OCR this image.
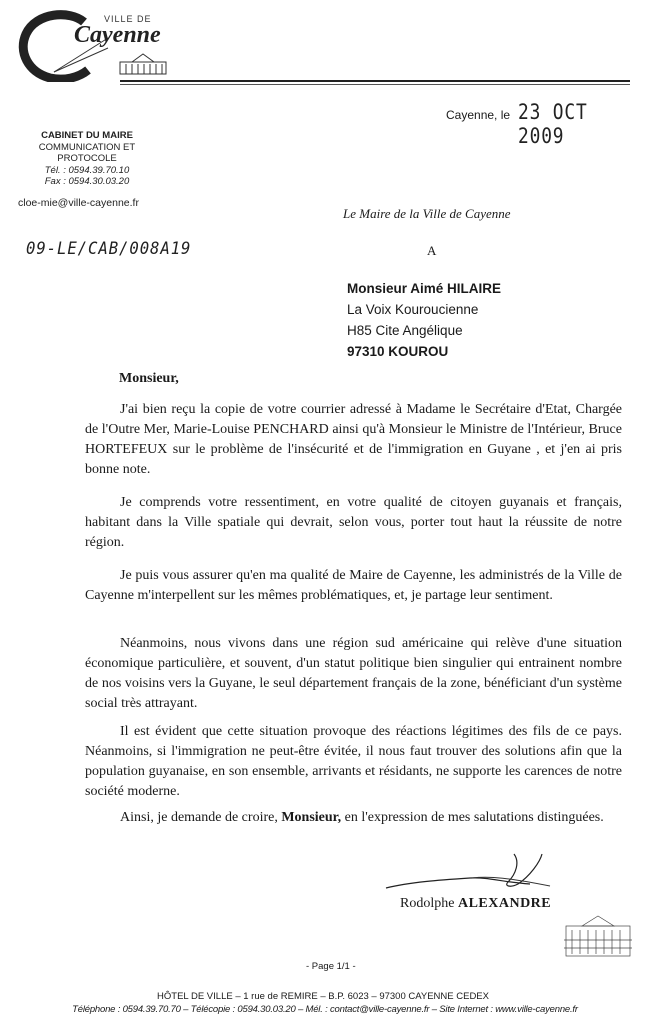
VILLE DE
Cayenne
Cayenne, le 23 OCT 2009
CABINET DU MAIRE
COMMUNICATION ET
PROTOCOLE
Tél. : 0594.39.70.10
Fax : 0594.30.03.20
cloe-mie@ville-cayenne.fr
09-LE/CAB/008A19
Le Maire de la Ville de Cayenne
A
Monsieur Aimé HILAIRE
La Voix Kouroucienne
H85 Cite Angélique
97310 KOUROU
Monsieur,

J'ai bien reçu la copie de votre courrier adressé à Madame le Secrétaire d'Etat, Chargée de l'Outre Mer, Marie-Louise PENCHARD ainsi qu'à Monsieur le Ministre de l'Intérieur, Bruce HORTEFEUX sur le problème de l'insécurité et de l'immigration en Guyane , et j'en ai pris bonne note.

Je comprends votre ressentiment, en votre qualité de citoyen guyanais et français, habitant dans la Ville spatiale qui devrait, selon vous, porter tout haut la réussite de notre région.

Je puis vous assurer qu'en ma qualité de Maire de Cayenne, les administrés de la Ville de Cayenne m'interpellent sur les mêmes problématiques, et, je partage leur sentiment.

Néanmoins, nous vivons dans une région sud américaine qui relève d'une situation économique particulière, et souvent, d'un statut politique bien singulier qui entrainent nombre de nos voisins vers la Guyane, le seul département français de la zone, bénéficiant d'un système social très attrayant.

Il est évident que cette situation provoque des réactions légitimes des fils de ce pays. Néanmoins, si l'immigration ne peut-être évitée, il nous faut trouver des solutions afin que la population guyanaise, en son ensemble, arrivants et résidants, ne supporte les carences de notre société moderne.

Ainsi, je demande de croire, Monsieur, en l'expression de mes salutations distinguées.

Rodolphe ALEXANDRE
- Page 1/1 -
HÔTEL DE VILLE – 1 rue de REMIRE – B.P. 6023 – 97300 CAYENNE CEDEX
Téléphone : 0594.39.70.70 – Télécopie : 0594.30.03.20 – Mél. : contact@ville-cayenne.fr – Site Internet : www.ville-cayenne.fr
